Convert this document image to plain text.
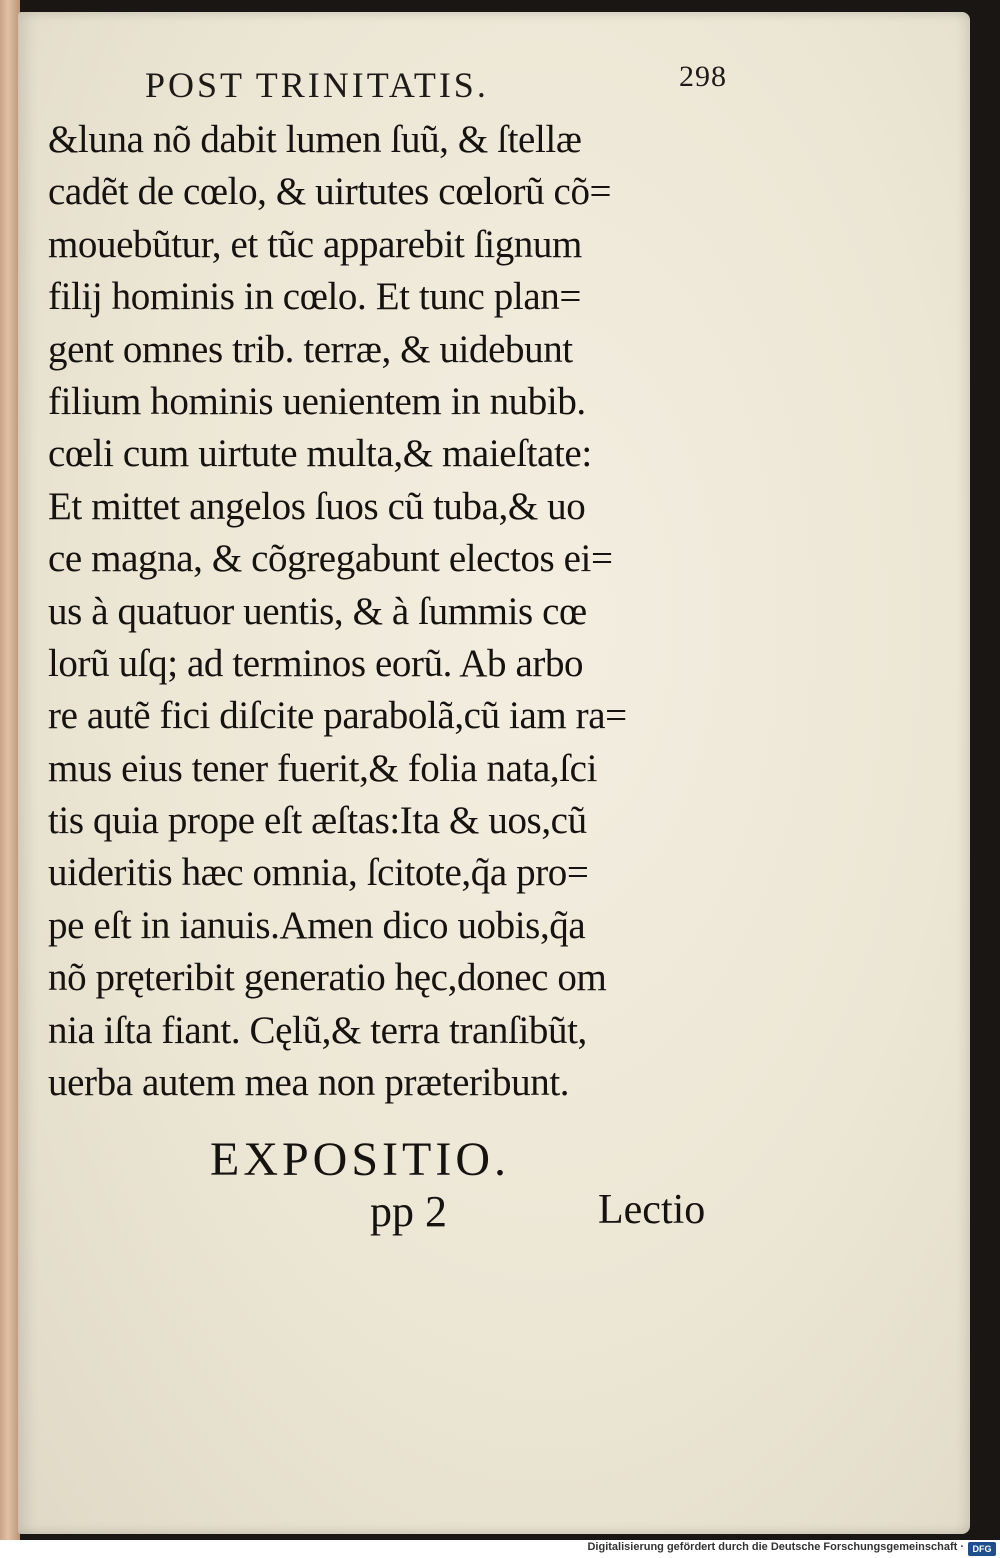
POST TRINITATIS.	298
&luna nõ dabit lumen ſuũ, & ſtellæ
cadẽt de cœlo, & uirtutes cœlorũ cõ=
mouebũtur, et tũc apparebit ſignum
filij hominis in cœlo. Et tunc plan=
gent omnes trib. terræ, & uidebunt
filium hominis uenientem in nubib.
cœli cum uirtute multa,& maieſtate:
Et mittet angelos ſuos cũ tuba,& uo
ce magna, & cõgregabunt electos ei=
us à quatuor uentis, & à ſummis cœ
lorũ uſq; ad terminos eorũ. Ab arbo
re autẽ fici diſcite parabolã,cũ iam ra=
mus eius tener fuerit,& folia nata,ſci
tis quia prope eſt æſtas:Ita & uos,cũ
uideritis hæc omnia, ſcitote,q̃a pro=
pe eſt in ianuis.Amen dico uobis,q̃a
nõ pręteribit generatio hęc,donec om
nia iſta fiant. Cęlũ,& terra tranſibũt,
uerba autem mea non præteribunt.
EXPOSITIO.
pp 2	Lectio
Digitalisierung gefördert durch die Deutsche Forschungsgemeinschaft · DFG
